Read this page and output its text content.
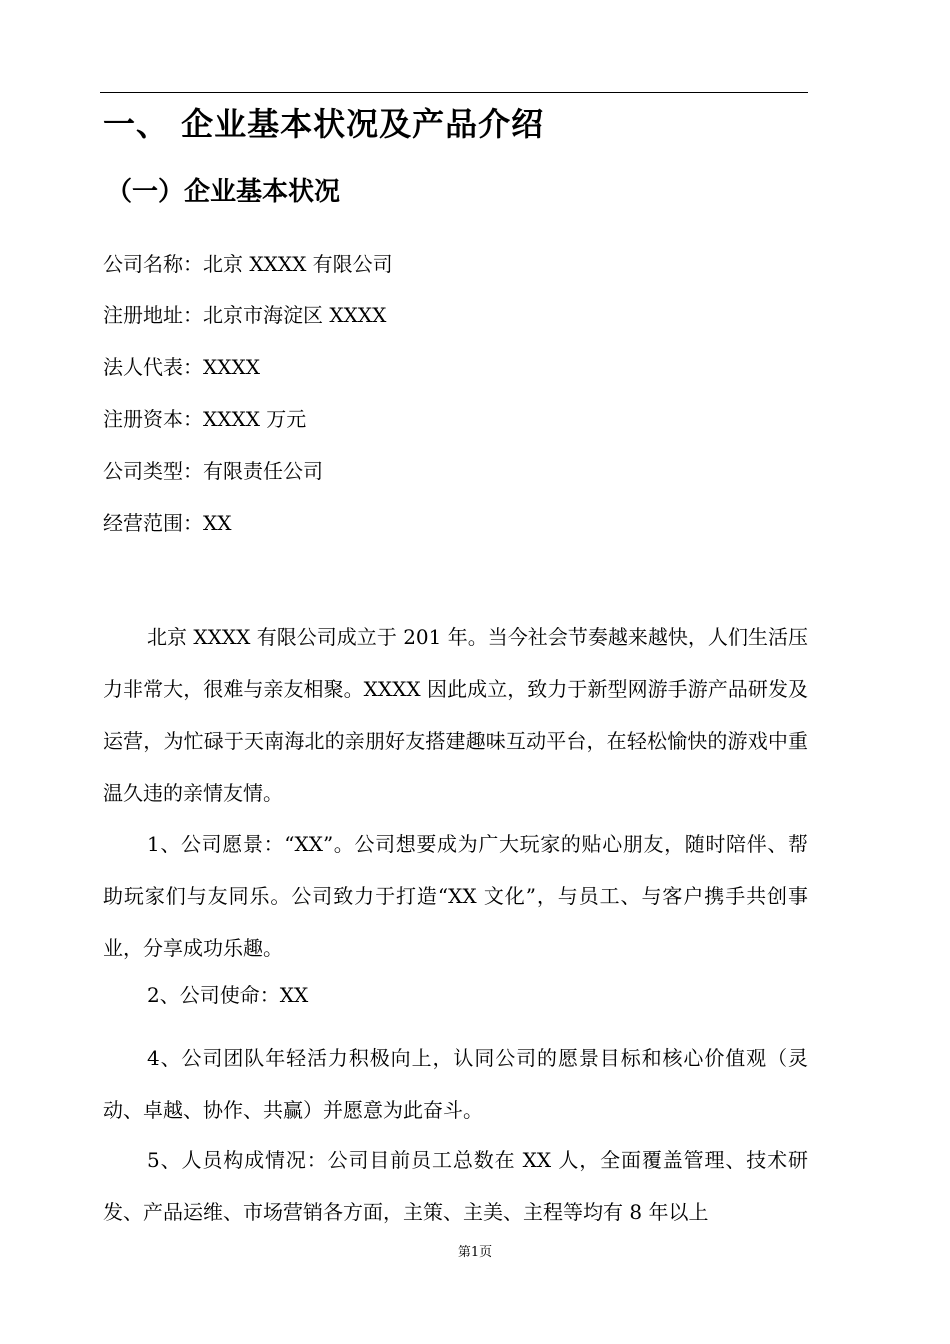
一、 企业基本状况及产品介绍
（一）企业基本状况
公司名称：北京 XXXX 有限公司
注册地址：北京市海淀区 XXXX
法人代表：XXXX
注册资本：XXXX 万元
公司类型：有限责任公司
经营范围：XX
北京 XXXX 有限公司成立于 201 年。当今社会节奏越来越快，人们生活压力非常大，很难与亲友相聚。XXXX 因此成立，致力于新型网游手游产品研发及运营，为忙碌于天南海北的亲朋好友搭建趣味互动平台，在轻松愉快的游戏中重温久违的亲情友情。
1、公司愿景：“XX”。公司想要成为广大玩家的贴心朋友，随时陪伴、帮助玩家们与友同乐。公司致力于打造“XX 文化”，与员工、与客户携手共创事业，分享成功乐趣。
2、公司使命：XX
4、公司团队年轻活力积极向上，认同公司的愿景目标和核心价值观（灵动、卓越、协作、共赢）并愿意为此奋斗。
5、人员构成情况：公司目前员工总数在 XX 人，全面覆盖管理、技术研发、产品运维、市场营销各方面，主策、主美、主程等均有 8 年以上
第1页
